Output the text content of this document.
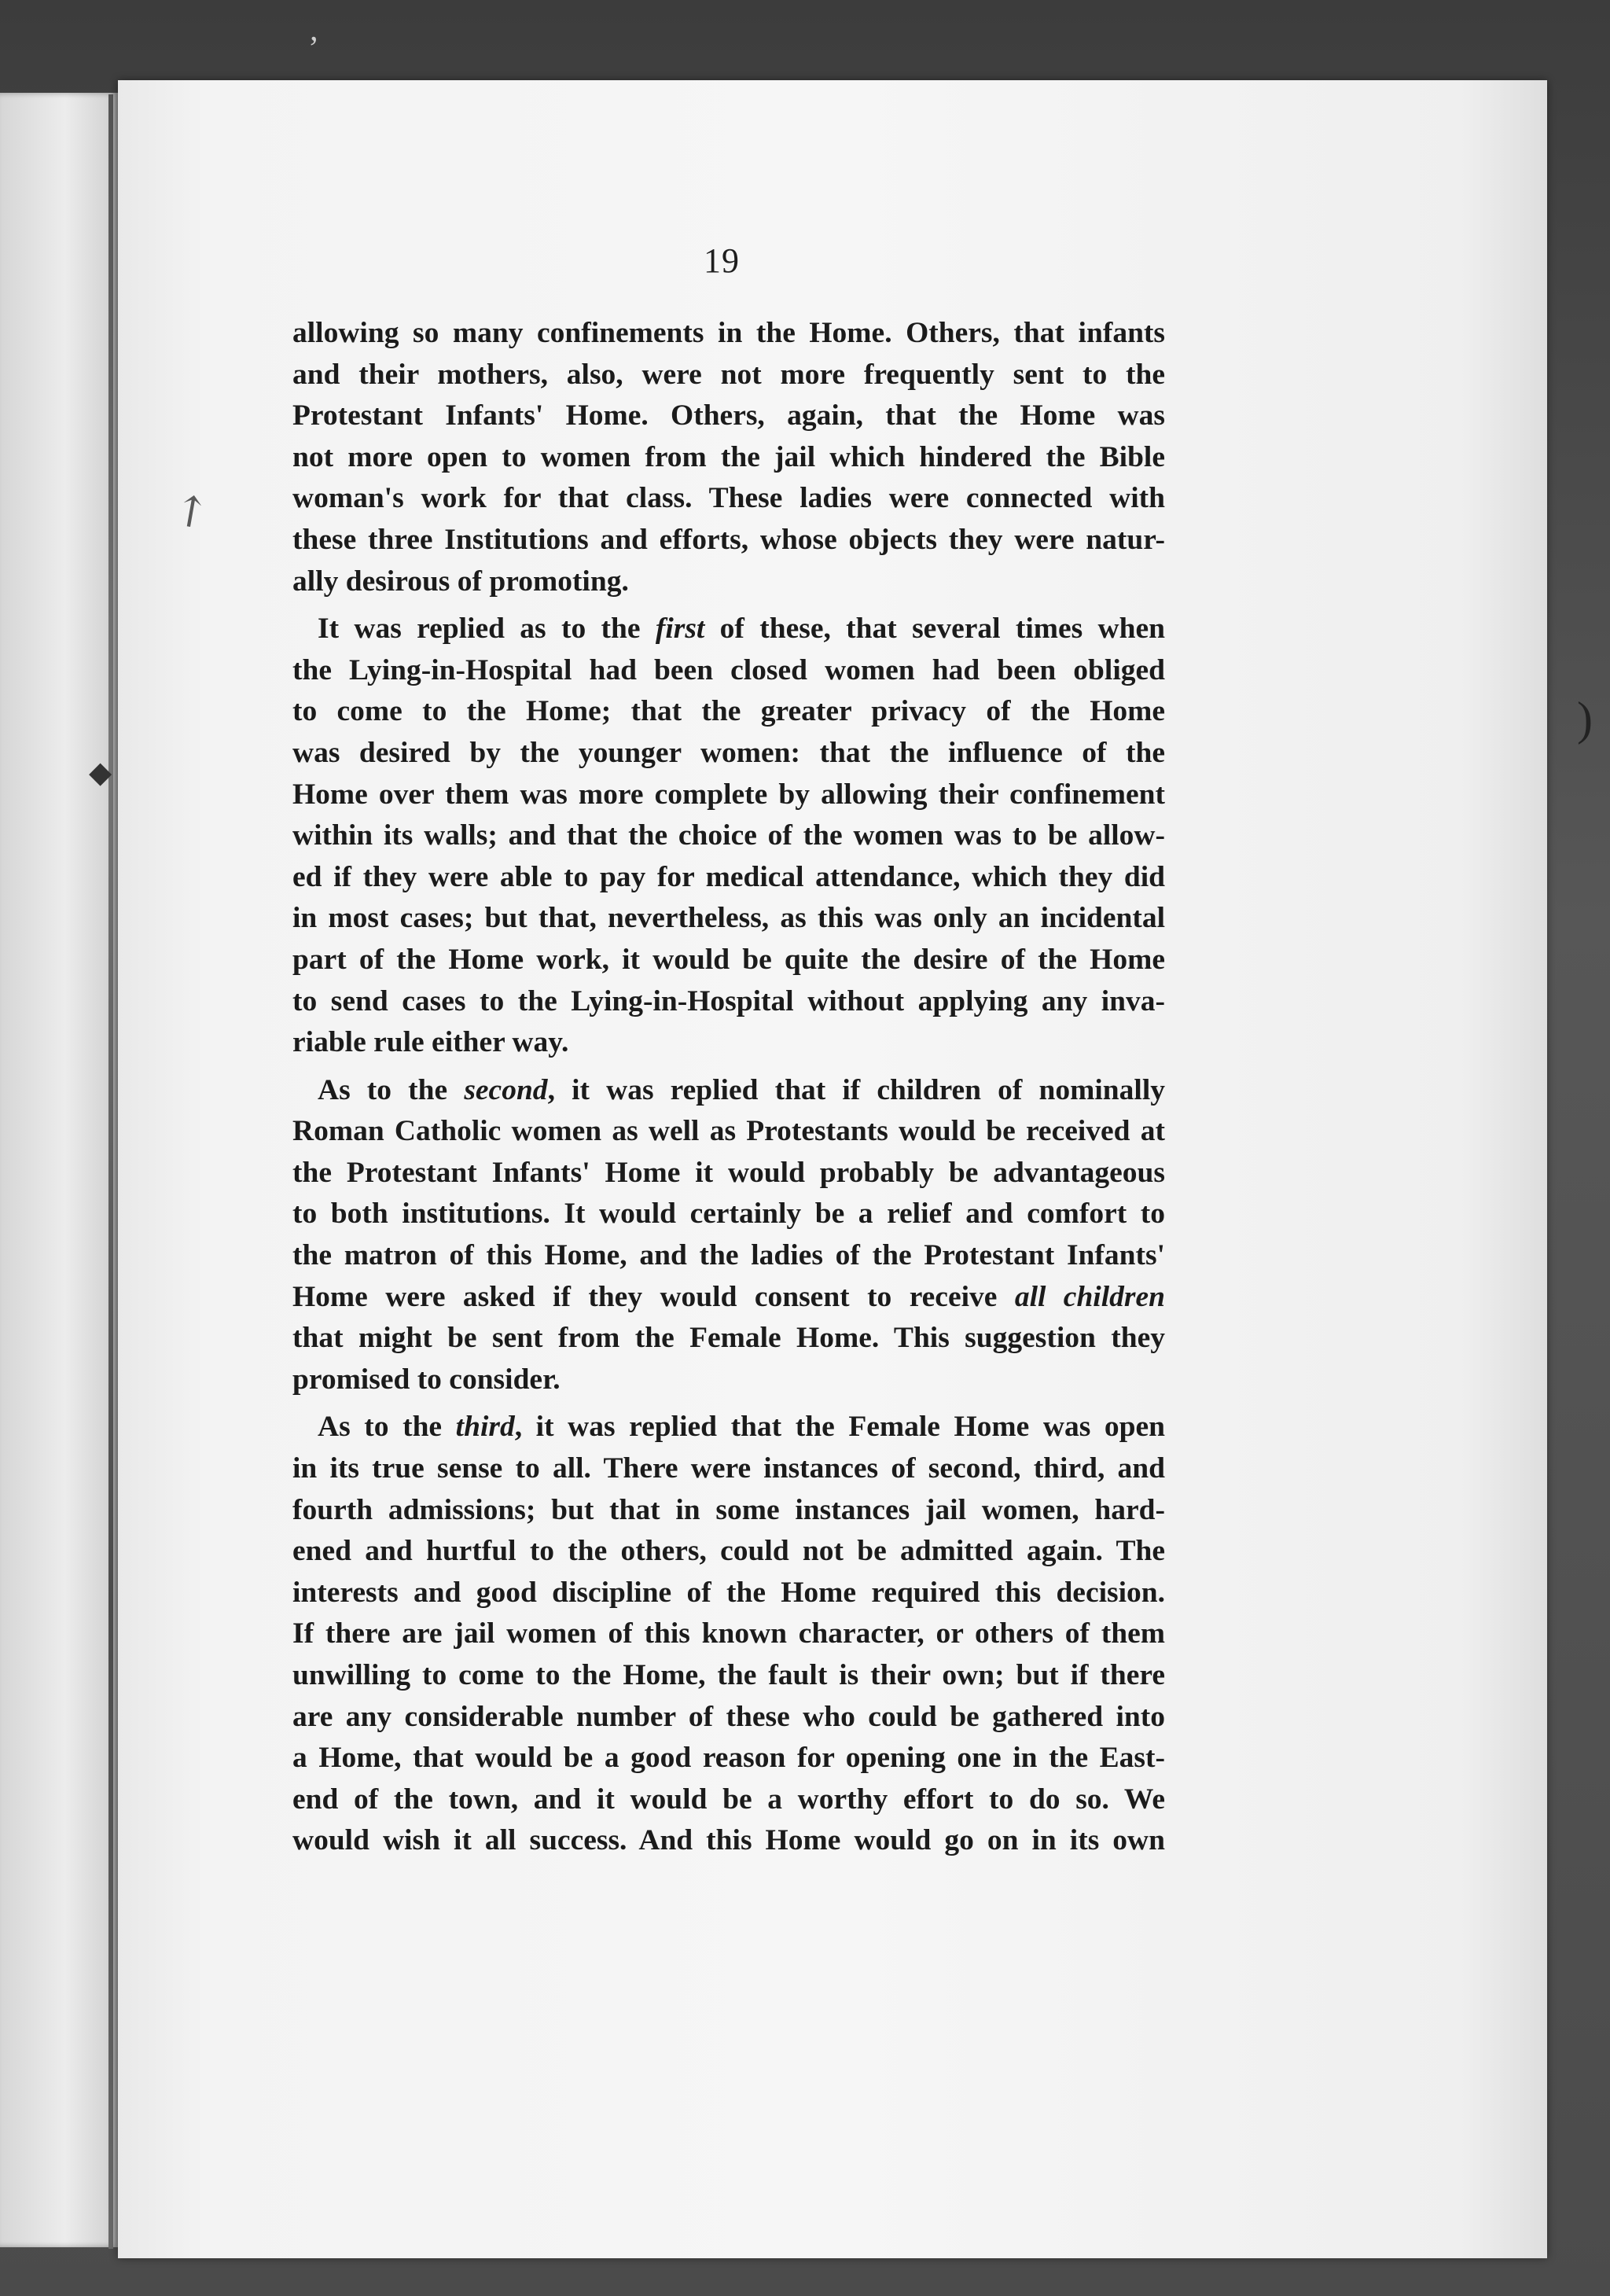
’
↗
◆
)
19
allowing so many confinements in the Home. Others, that infants
and their mothers, also, were not more frequently sent to the
Protestant Infants' Home. Others, again, that the Home was
not more open to women from the jail which hindered the Bible
woman's work for that class. These ladies were connected with
these three Institutions and efforts, whose objects they were natur-
ally desirous of promoting.
It was replied as to the first of these, that several times when
the Lying-in-Hospital had been closed women had been obliged
to come to the Home; that the greater privacy of the Home
was desired by the younger women: that the influence of the
Home over them was more complete by allowing their confinement
within its walls; and that the choice of the women was to be allow-
ed if they were able to pay for medical attendance, which they did
in most cases; but that, nevertheless, as this was only an incidental
part of the Home work, it would be quite the desire of the Home
to send cases to the Lying-in-Hospital without applying any inva-
riable rule either way.
As to the second, it was replied that if children of nominally
Roman Catholic women as well as Protestants would be received at
the Protestant Infants' Home it would probably be advantageous
to both institutions. It would certainly be a relief and comfort to
the matron of this Home, and the ladies of the Protestant Infants'
Home were asked if they would consent to receive all children
that might be sent from the Female Home. This suggestion they
promised to consider.
As to the third, it was replied that the Female Home was open
in its true sense to all. There were instances of second, third, and
fourth admissions; but that in some instances jail women, hard-
ened and hurtful to the others, could not be admitted again. The
interests and good discipline of the Home required this decision.
If there are jail women of this known character, or others of them
unwilling to come to the Home, the fault is their own; but if there
are any considerable number of these who could be gathered into
a Home, that would be a good reason for opening one in the East-
end of the town, and it would be a worthy effort to do so. We
would wish it all success. And this Home would go on in its own
